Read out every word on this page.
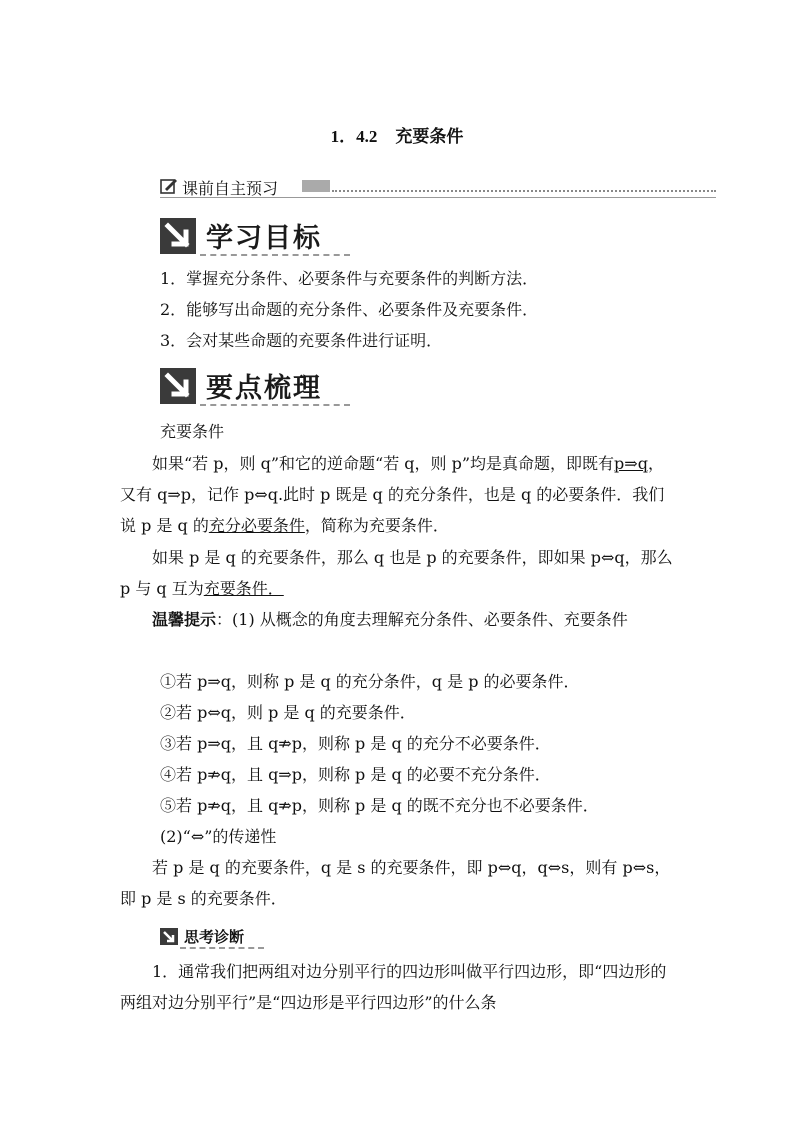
1．4.2 充要条件
课前自主预习
学习目标
1．掌握充分条件、必要条件与充要条件的判断方法．
2．能够写出命题的充分条件、必要条件及充要条件．
3．会对某些命题的充要条件进行证明．
要点梳理
充要条件
如果“若 p，则 q”和它的逆命题“若 q，则 p”均是真命题，即既有p⇒q，又有 q⇒p，记作 p⇔q.此时 p 既是 q 的充分条件，也是 q 的必要条件．我们说 p 是 q 的充分必要条件，简称为充要条件．
如果 p 是 q 的充要条件，那么 q 也是 p 的充要条件，即如果 p⇔q，那么 p 与 q 互为充要条件．
温馨提示：(1) 从概念的角度去理解充分条件、必要条件、充要条件
①若 p⇒q，则称 p 是 q 的充分条件，q 是 p 的必要条件．
②若 p⇔q，则 p 是 q 的充要条件．
③若 p⇒q，且 q⇏p，则称 p 是 q 的充分不必要条件．
④若 p⇏q，且 q⇒p，则称 p 是 q 的必要不充分条件．
⑤若 p⇏q，且 q⇏p，则称 p 是 q 的既不充分也不必要条件．
(2)“⇔”的传递性
若 p 是 q 的充要条件，q 是 s 的充要条件，即 p⇔q，q⇔s，则有 p⇔s，即 p 是 s 的充要条件．
思考诊断
1．通常我们把两组对边分别平行的四边形叫做平行四边形，即“四边形的两组对边分别平行”是“四边形是平行四边形”的什么条
